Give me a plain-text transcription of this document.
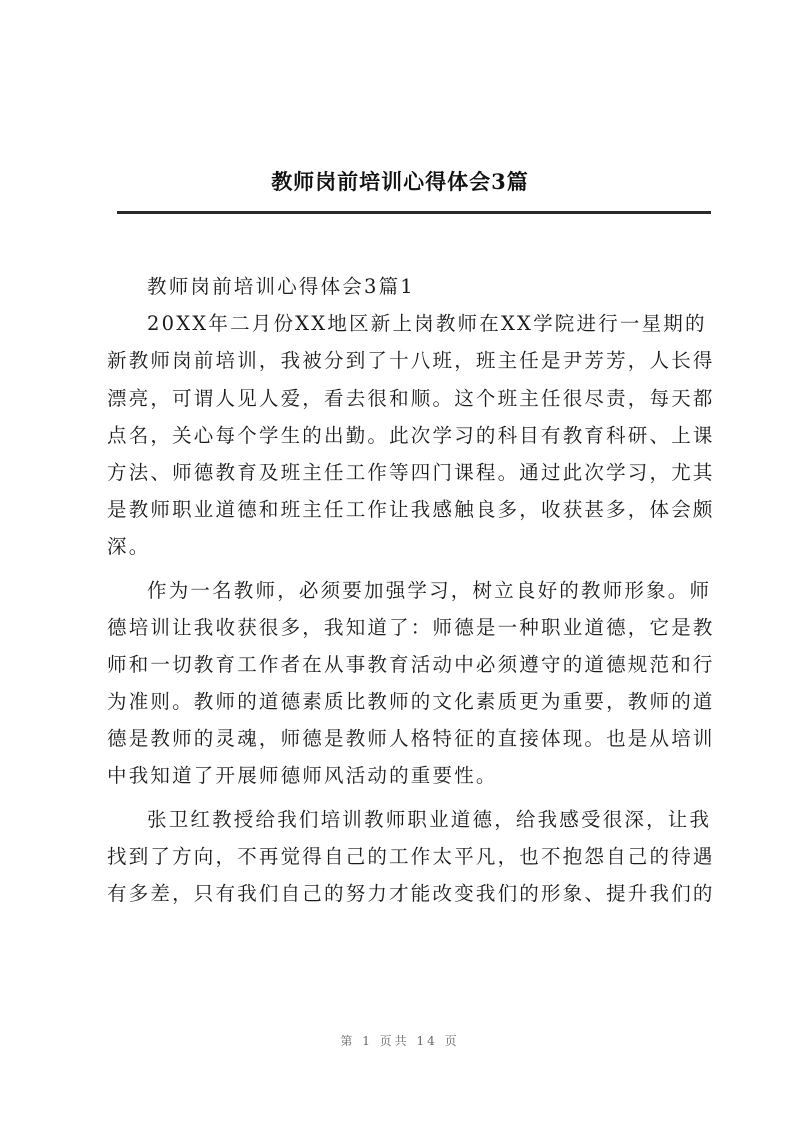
教师岗前培训心得体会3篇
教师岗前培训心得体会3篇1
20XX年二月份XX地区新上岗教师在XX学院进行一星期的
新教师岗前培训，我被分到了十八班，班主任是尹芳芳，人长得
漂亮，可谓人见人爱，看去很和顺。这个班主任很尽责，每天都
点名，关心每个学生的出勤。此次学习的科目有教育科研、上课
方法、师德教育及班主任工作等四门课程。通过此次学习，尤其
是教师职业道德和班主任工作让我感触良多，收获甚多，体会颇
深。
作为一名教师，必须要加强学习，树立良好的教师形象。师
德培训让我收获很多，我知道了：师德是一种职业道德，它是教
师和一切教育工作者在从事教育活动中必须遵守的道德规范和行
为准则。教师的道德素质比教师的文化素质更为重要，教师的道
德是教师的灵魂，师德是教师人格特征的直接体现。也是从培训
中我知道了开展师德师风活动的重要性。
张卫红教授给我们培训教师职业道德，给我感受很深，让我
找到了方向，不再觉得自己的工作太平凡，也不抱怨自己的待遇
有多差，只有我们自己的努力才能改变我们的形象、提升我们的
第 1 页共 14 页
